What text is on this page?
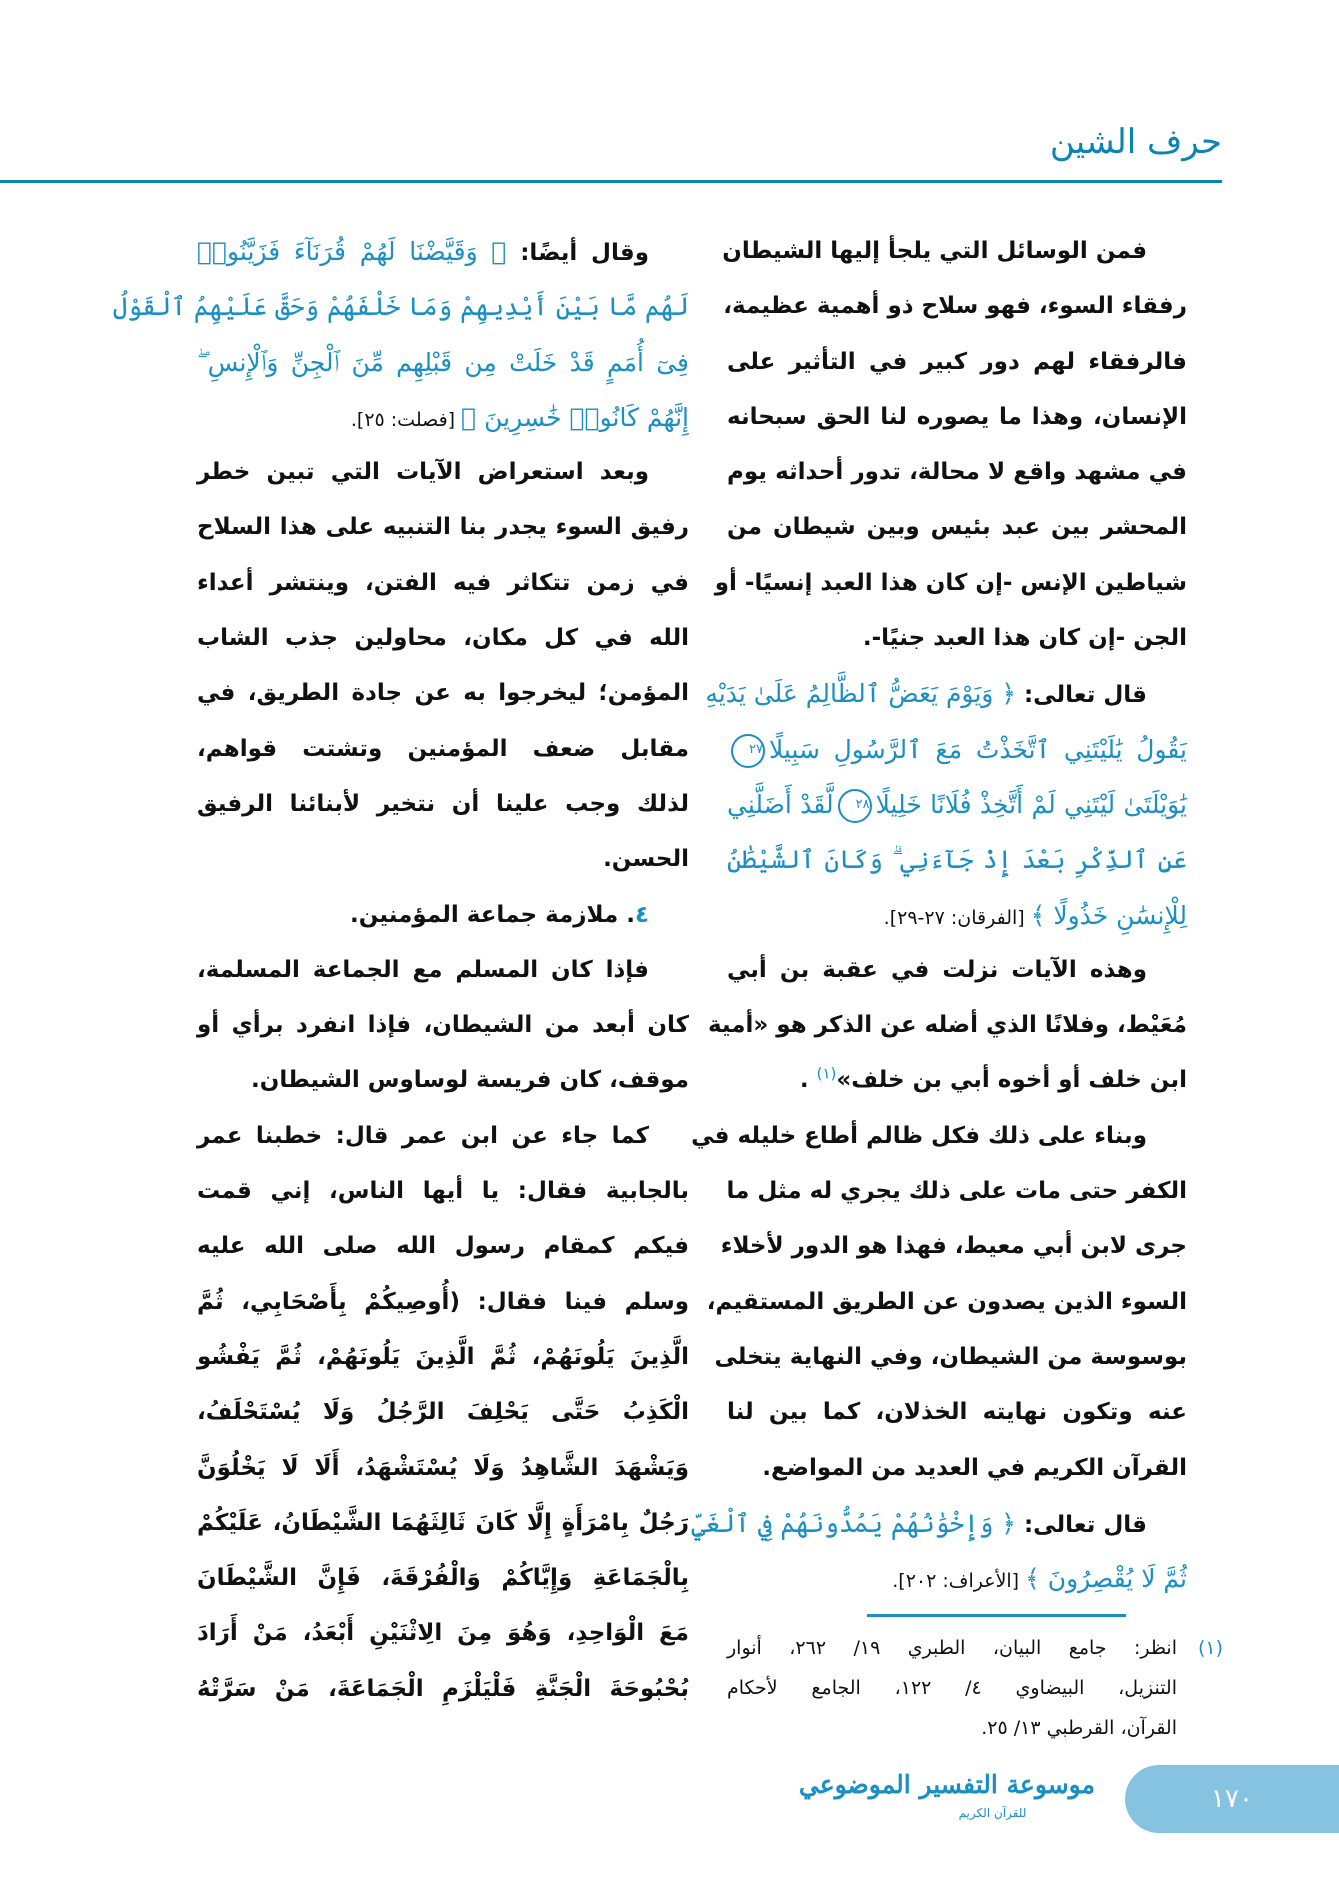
حرف الشين
فمن الوسائل التي يلجأ إليها الشيطان
رفقاء السوء، فهو سلاح ذو أهمية عظيمة،
فالرفقاء لهم دور كبير في التأثير على
الإنسان، وهذا ما يصوره لنا الحق سبحانه
في مشهد واقع لا محالة، تدور أحداثه يوم
المحشر بين عبد بئيس وبين شيطان من
شياطين الإنس -إن كان هذا العبد إنسيًا- أو
الجن -إن كان هذا العبد جنيًا-.
قال تعالى: ﴿ وَيَوْمَ يَعَضُّ ٱلظَّالِمُ عَلَىٰ يَدَيْهِ
يَقُولُ يَٰلَيْتَنِي ٱتَّخَذْتُ مَعَ ٱلرَّسُولِ سَبِيلًا٢٧
يَٰوَيْلَتَىٰ لَيْتَنِي لَمْ أَتَّخِذْ فُلَانًا خَلِيلًا٢٨لَّقَدْ أَضَلَّنِي
عَنِ ٱلذِّكْرِ بَعْدَ إِذْ جَآءَنِي ۗ وَكَانَ ٱلشَّيْطَٰنُ
لِلْإِنسَٰنِ خَذُولًا ﴾ [الفرقان: ٢٧-٢٩].
وهذه الآيات نزلت في عقبة بن أبي
مُعَيْط، وفلانًا الذي أضله عن الذكر هو «أمية
ابن خلف أو أخوه أبي بن خلف»$^{(١)}$ .
وبناء على ذلك فكل ظالم أطاع خليله في
الكفر حتى مات على ذلك يجري له مثل ما
جرى لابن أبي معيط، فهذا هو الدور لأخلاء
السوء الذين يصدون عن الطريق المستقيم،
بوسوسة من الشيطان، وفي النهاية يتخلى
عنه وتكون نهايته الخذلان، كما بين لنا
القرآن الكريم في العديد من المواضع.
قال تعالى: ﴿ وَإِخْوَٰنُهُمْ يَمُدُّونَهُمْ فِي ٱلْغَيِّ
ثُمَّ لَا يُقْصِرُونَ ﴾ [الأعراف: ٢٠٢].
وقال أيضًا: ﴿ وَقَيَّضْنَا لَهُمْ قُرَنَآءَ فَزَيَّنُوا۟
لَهُم مَّا بَيْنَ أَيْدِيهِمْ وَمَا خَلْفَهُمْ وَحَقَّ عَلَيْهِمُ ٱلْقَوْلُ
فِىٓ أُمَمٍ قَدْ خَلَتْ مِن قَبْلِهِم مِّنَ ٱلْجِنِّ وَٱلْإِنسِ ۖ
إِنَّهُمْ كَانُوا۟ خَٰسِرِينَ ﴾ [فصلت: ٢٥].
وبعد استعراض الآيات التي تبين خطر
رفيق السوء يجدر بنا التنبيه على هذا السلاح
في زمن تتكاثر فيه الفتن، وينتشر أعداء
الله في كل مكان، محاولين جذب الشاب
المؤمن؛ ليخرجوا به عن جادة الطريق، في
مقابل ضعف المؤمنين وتشتت قواهم،
لذلك وجب علينا أن نتخير لأبنائنا الرفيق
الحسن.
٤. ملازمة جماعة المؤمنين.
فإذا كان المسلم مع الجماعة المسلمة،
كان أبعد من الشيطان، فإذا انفرد برأي أو
موقف، كان فريسة لوساوس الشيطان.
كما جاء عن ابن عمر قال: خطبنا عمر
بالجابية فقال: يا أيها الناس، إني قمت
فيكم كمقام رسول الله صلى الله عليه
وسلم فينا فقال: (أُوصِيكُمْ بِأَصْحَابِي، ثُمَّ
الَّذِينَ يَلُونَهُمْ، ثُمَّ الَّذِينَ يَلُونَهُمْ، ثُمَّ يَفْشُو
الْكَذِبُ حَتَّى يَحْلِفَ الرَّجُلُ وَلَا يُسْتَحْلَفُ،
وَيَشْهَدَ الشَّاهِدُ وَلَا يُسْتَشْهَدُ، أَلَا لَا يَخْلُوَنَّ
رَجُلٌ بِامْرَأَةٍ إِلَّا كَانَ ثَالِثَهُمَا الشَّيْطَانُ، عَلَيْكُمْ
بِالْجَمَاعَةِ وَإِيَّاكُمْ وَالْفُرْقَةَ، فَإِنَّ الشَّيْطَانَ
مَعَ الْوَاحِدِ، وَهُوَ مِنَ الِاثْنَيْنِ أَبْعَدُ، مَنْ أَرَادَ
بُحْبُوحَةَ الْجَنَّةِ فَلْيَلْزَمِ الْجَمَاعَةَ، مَنْ سَرَّتْهُ
(١)
انظر: جامع البيان، الطبري ١٩/ ٢٦٢، أنوار
التنزيل، البيضاوي ٤/ ١٢٢، الجامع لأحكام
القرآن، القرطبي ١٣/ ٢٥.
موسوعة التفسير الموضوعي
للقرآن الكريم	١٧٠
